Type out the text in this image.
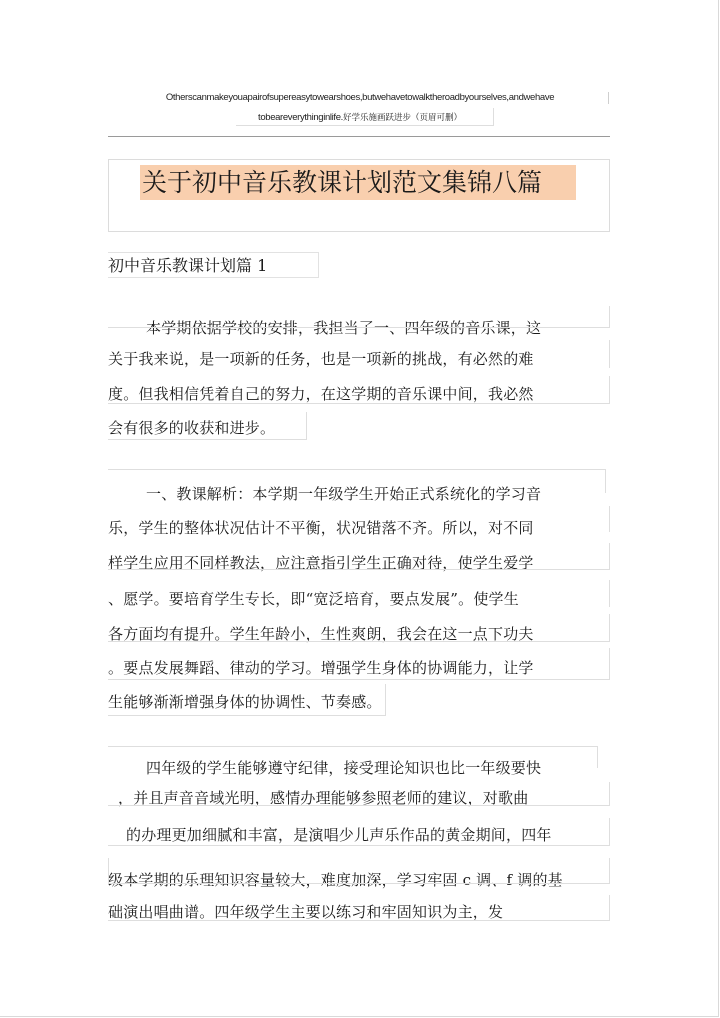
Otherscanmakeyouapairofsupereasytowearshoes,butwehavetowalktheroadbyourselves,andwehave
tobeareverythinginlife.好学乐施画跃进步（页眉可删）
关于初中音乐教课计划范文集锦八篇
初中音乐教课计划篇 1
本学期依据学校的安排，我担当了一、四年级的音乐课，这
关于我来说，是一项新的任务，也是一项新的挑战，有必然的难
度。但我相信凭着自己的努力，在这学期的音乐课中间，我必然
会有很多的收获和进步。
一、教课解析：本学期一年级学生开始正式系统化的学习音
乐，学生的整体状况估计不平衡，状况错落不齐。所以，对不同
样学生应用不同样教法，应注意指引学生正确对待，使学生爱学
、愿学。要培育学生专长，即“宽泛培育，要点发展”。使学生
各方面均有提升。学生年龄小，生性爽朗，我会在这一点下功夫
。要点发展舞蹈、律动的学习。增强学生身体的协调能力，让学
生能够渐渐增强身体的协调性、节奏感。
四年级的学生能够遵守纪律，接受理论知识也比一年级要快
，并且声音音域光明，感情办理能够参照老师的建议，对歌曲
的办理更加细腻和丰富，是演唱少儿声乐作品的黄金期间，四年
级本学期的乐理知识容量较大，难度加深，学习牢固 c 调、f 调的基
础演出唱曲谱。四年级学生主要以练习和牢固知识为主，发
